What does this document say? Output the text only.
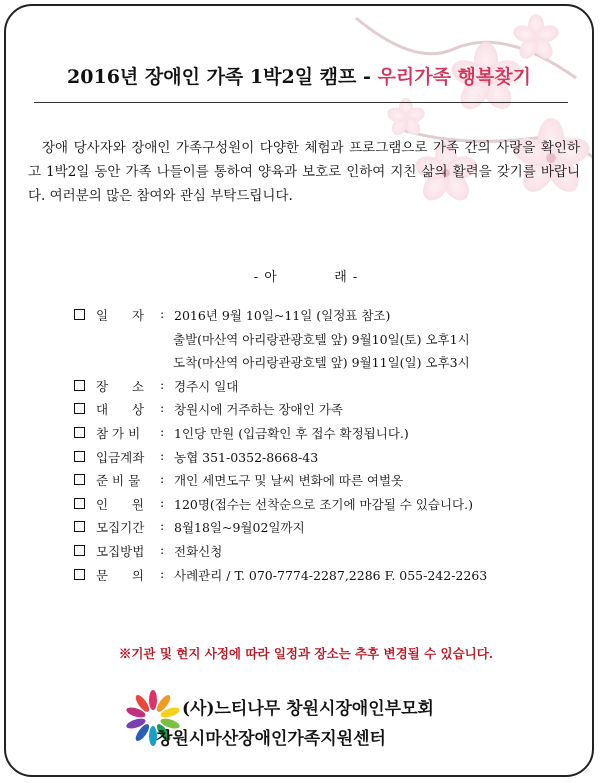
2016년 장애인 가족 1박2일 캠프 - 우리가족 행복찾기
장애 당사자와 장애인 가족구성원이 다양한 체험과 프로그램으로 가족 간의 사랑을 확인하고 1박2일 동안 가족 나들이를 통하여 양육과 보호로 인하여 지친 삶의 활력을 갖기를 바랍니다. 여러분의 많은 참여와 관심 부탁드립니다.
- 아           래 -
일      자	: 2016년 9월 10일~11일 (일정표 참조)
출발(마산역 아리랑관광호텔 앞) 9월10일(토) 오후1시
도착(마산역 아리랑관광호텔 앞) 9월11일(일) 오후3시
장      소	: 경주시 일대
대      상	: 창원시에 거주하는 장애인 가족
참 가 비	: 1인당 만원 (입금확인 후 접수 확정됩니다.)
입금계좌	: 농협 351-0352-8668-43
준 비 물	: 개인 세면도구 및 날씨 변화에 따른 여벌옷
인      원	: 120명(접수는 선착순으로 조기에 마감될 수 있습니다.)
모집기간	: 8월18일~9월02일까지
모집방법	: 전화신청
문      의	: 사례관리 / T. 070-7774-2287,2286 F. 055-242-2263
※기관 및 현지 사정에 따라 일정과 장소는 추후 변경될 수 있습니다.
(사)느티나무 창원시장애인부모회
창원시마산장애인가족지원센터
